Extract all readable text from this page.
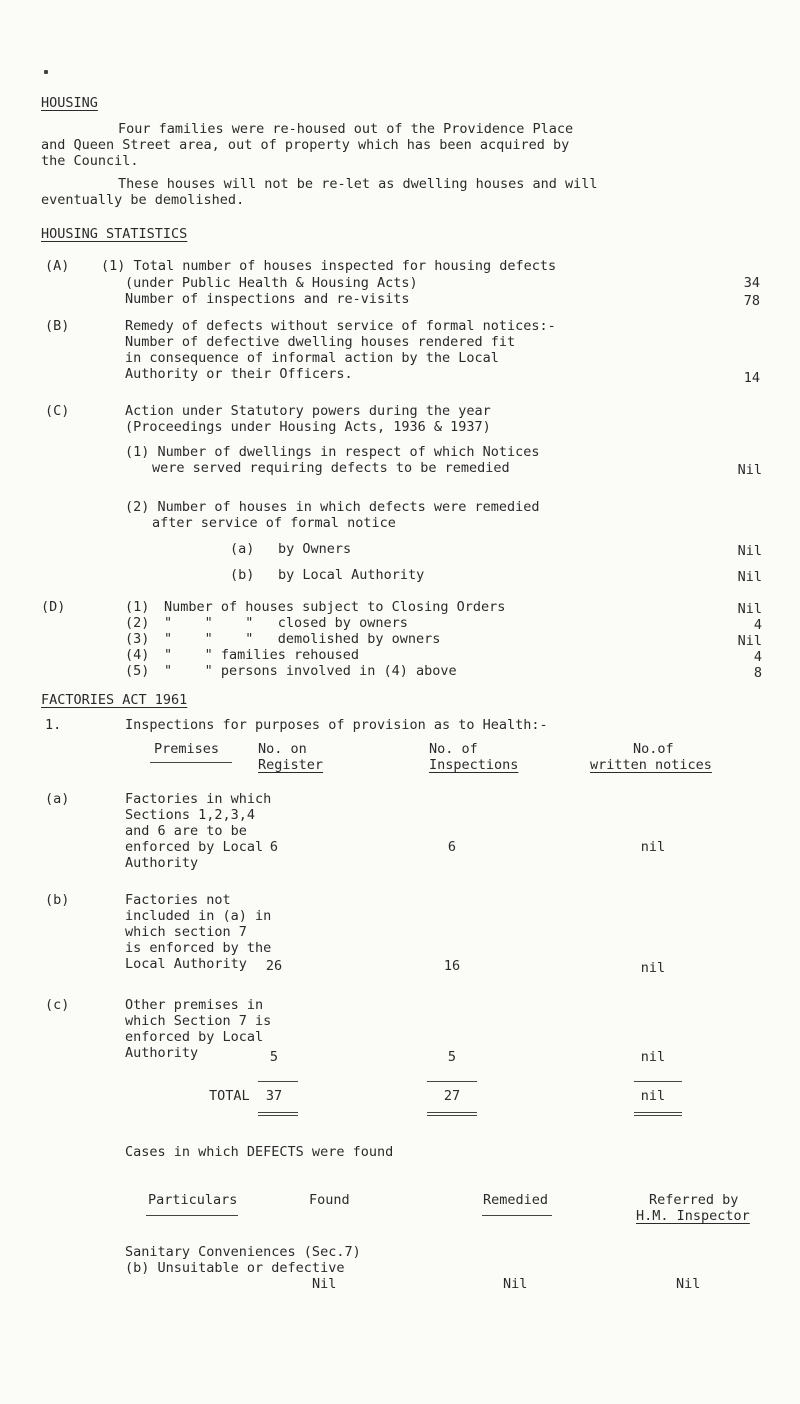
HOUSING
Four families were re-housed out of the Providence Place
and Queen Street area, out of property which has been acquired by
the Council.
These houses will not be re-let as dwelling houses and will
eventually be demolished.
HOUSING STATISTICS
(A) (1) Total number of houses inspected for housing defects
(under Public Health & Housing Acts)	34
Number of inspections and re-visits	78
(B)	Remedy of defects without service of formal notices:-
Number of defective dwelling houses rendered fit
in consequence of informal action by the Local
Authority or their Officers.	14
(C)	Action under Statutory powers during the year
(Proceedings under Housing Acts, 1936 & 1937)
(1) Number of dwellings in respect of which Notices
were served requiring defects to be remedied	Nil
(2) Number of houses in which defects were remedied
after service of formal notice
(a) by Owners	Nil
(b) by Local Authority	Nil
(D)	(1) Number of houses subject to Closing Orders	Nil
(2) "    "    "   closed by owners	4
(3) "    "    "   demolished by owners	Nil
(4) "    " families rehoused	4
(5) "    " persons involved in (4) above	8
FACTORIES ACT 1961
1.	Inspections for purposes of provision as to Health:-
Premises	No. on
Register
No. of
Inspections
No.of
written notices
(a)	Factories in which
Sections 1,2,3,4
and 6 are to be
enforced by Local
Authority
6	6	nil
(b)	Factories not
included in (a) in
which section 7
is enforced by the
Local Authority	26	16	nil
(c)	Other premises in
which Section 7 is
enforced by Local
Authority	5	5	nil
TOTAL	37	27	nil
Cases in which DEFECTS were found
Particulars	Found	Remedied	Referred by
H.M. Inspector
Sanitary Conveniences (Sec.7)
(b) Unsuitable or defective
Nil	Nil	Nil
